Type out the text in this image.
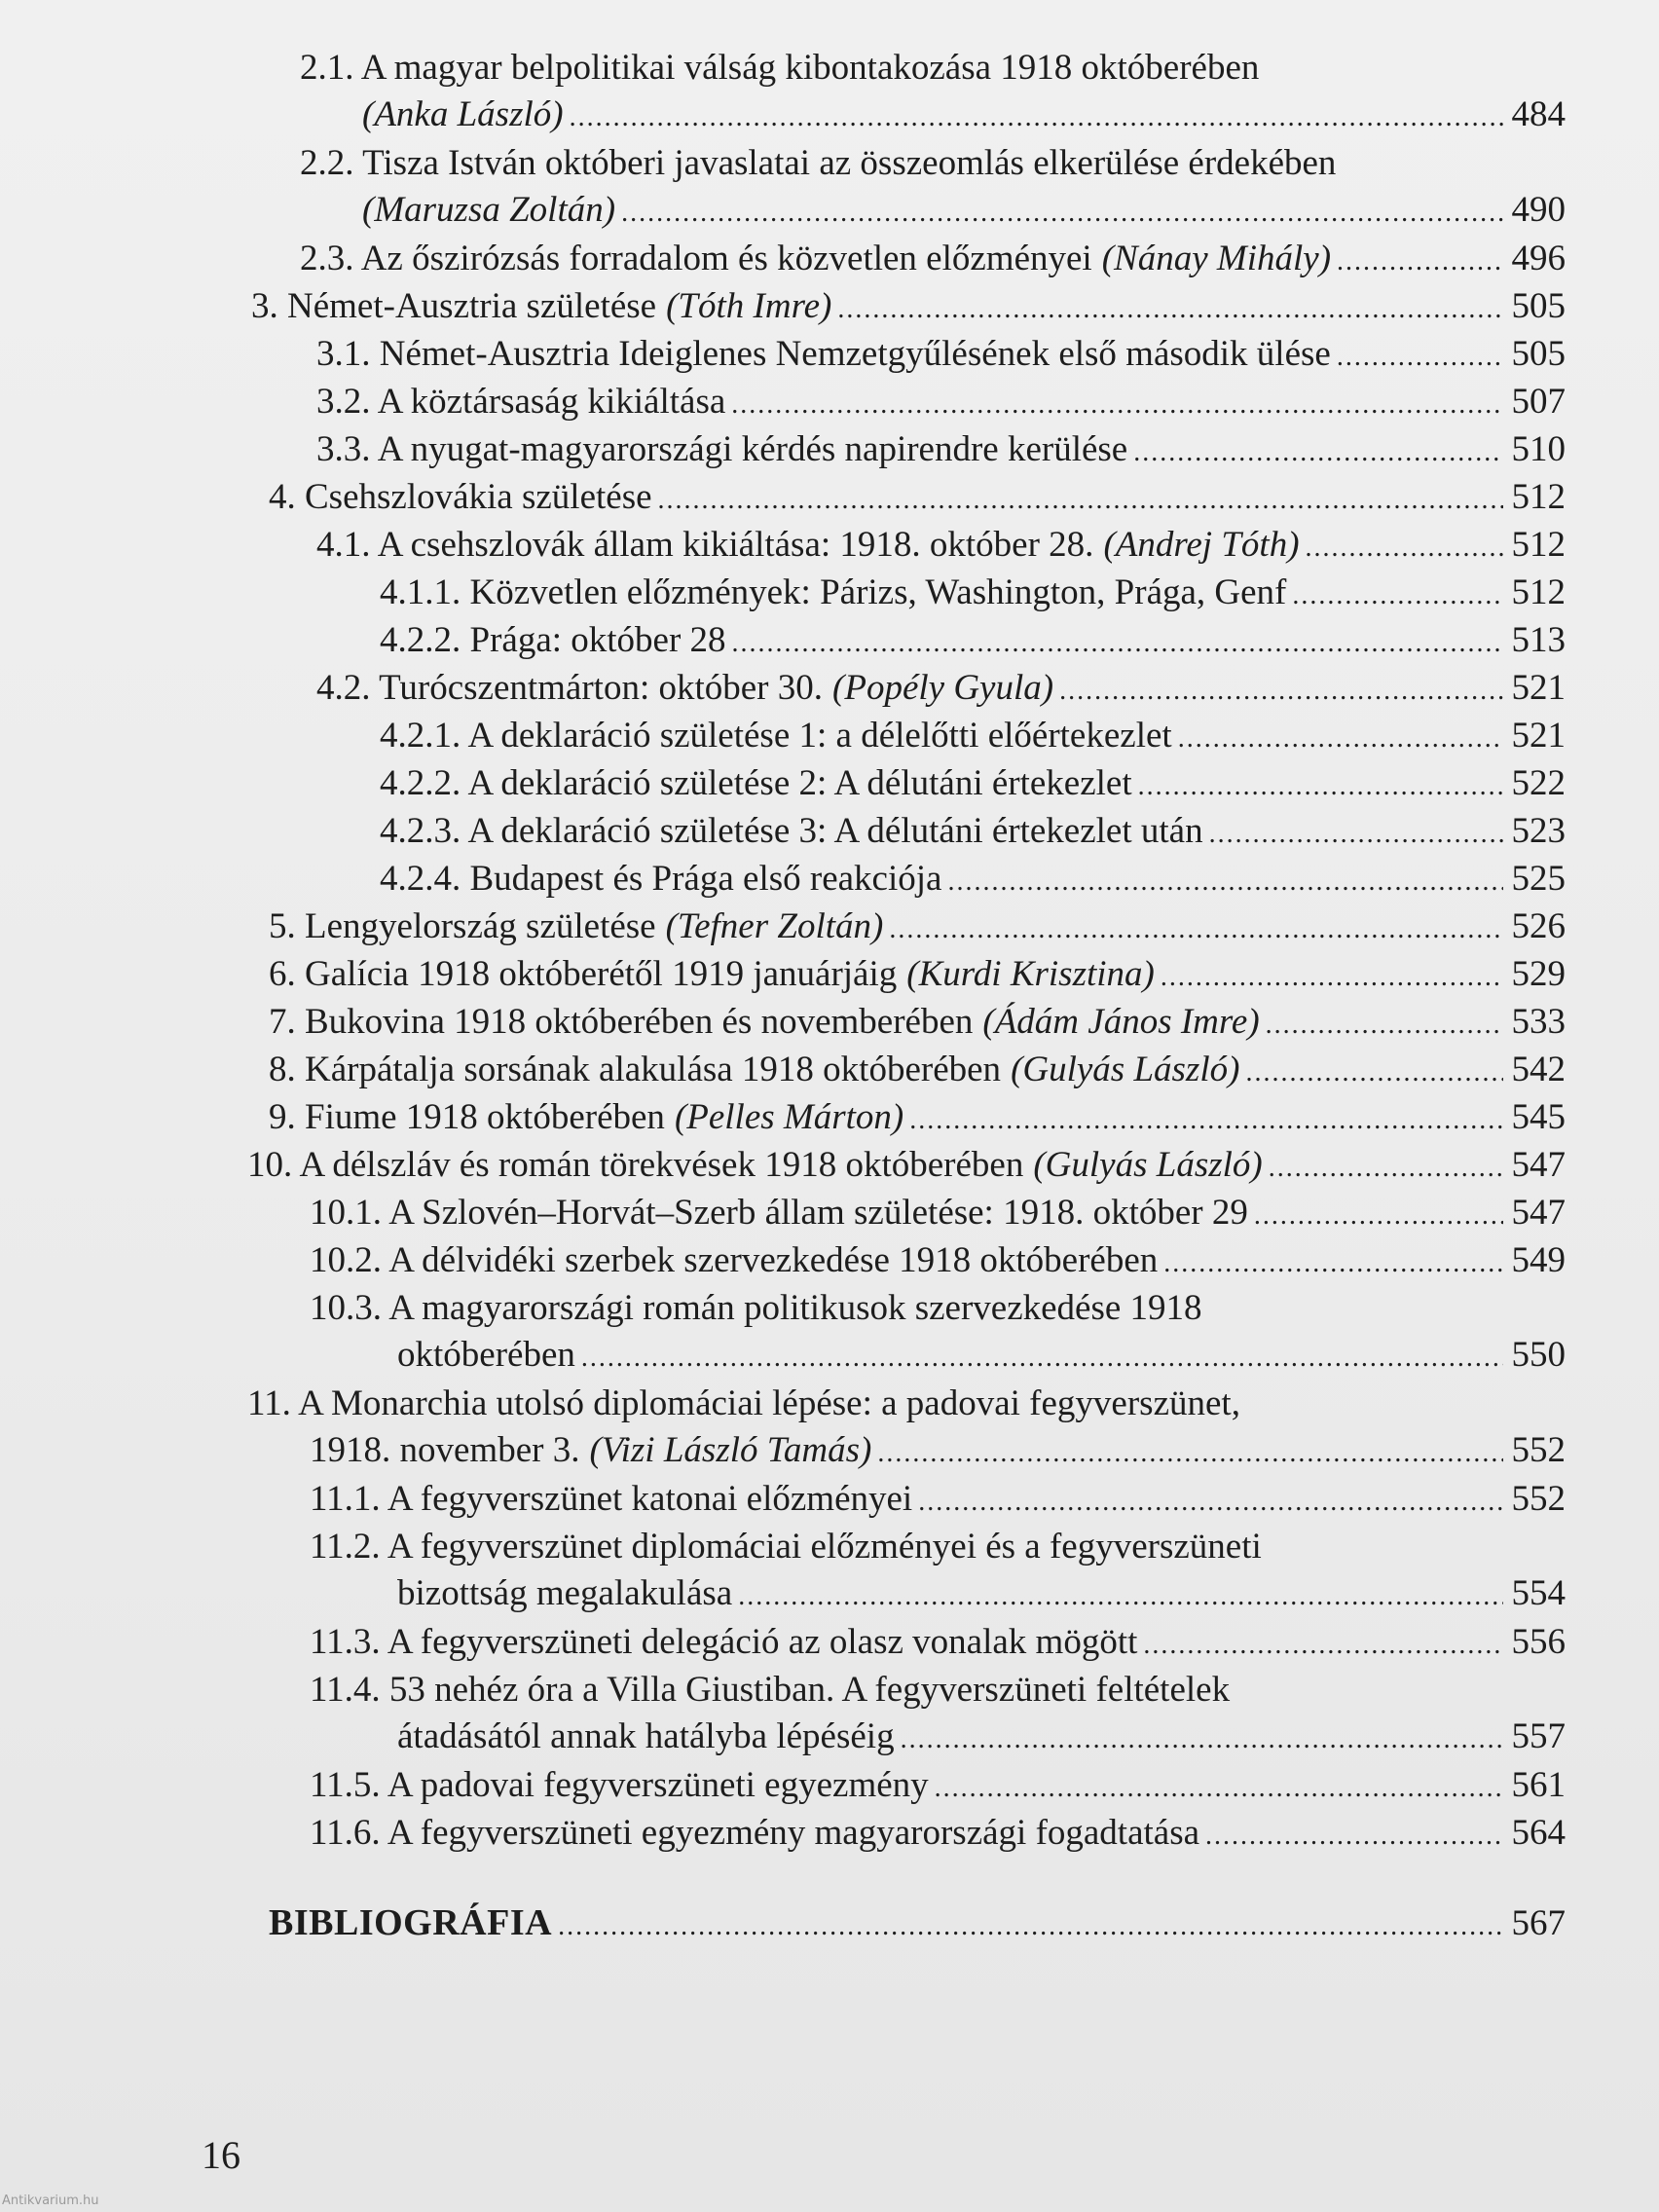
2.1. A magyar belpolitikai válság kibontakozása 1918 októberében
(Anka László) .....	484
2.2. Tisza István októberi javaslatai az összeomlás elkerülése érdekében
(Maruzsa Zoltán) .....	490
2.3. Az őszirózsás forradalom és közvetlen előzményei (Nánay Mihály) .....	496
3. Német-Ausztria születése (Tóth Imre) .....	505
3.1. Német-Ausztria Ideiglenes Nemzetgyűlésének első második ülése .....	505
3.2. A köztársaság kikiáltása .....	507
3.3. A nyugat-magyarországi kérdés napirendre kerülése .....	510
4. Csehszlovákia születése .....	512
4.1. A csehszlovák állam kikiáltása: 1918. október 28. (Andrej Tóth) .....	512
4.1.1. Közvetlen előzmények: Párizs, Washington, Prága, Genf .....	512
4.2.2. Prága: október 28 .....	513
4.2. Turócszentmárton: október 30. (Popély Gyula) .....	521
4.2.1. A deklaráció születése 1: a délelőtti előértekezlet .....	521
4.2.2. A deklaráció születése 2: A délutáni értekezlet .....	522
4.2.3. A deklaráció születése 3: A délutáni értekezlet után .....	523
4.2.4. Budapest és Prága első reakciója .....	525
5. Lengyelország születése (Tefner Zoltán) .....	526
6. Galícia 1918 októberétől 1919 januárjáig (Kurdi Krisztina) .....	529
7. Bukovina 1918 októberében és novemberében (Ádám János Imre) .....	533
8. Kárpátalja sorsának alakulása 1918 októberében (Gulyás László) .....	542
9. Fiume 1918 októberében (Pelles Márton) .....	545
10. A délszláv és román törekvések 1918 októberében (Gulyás László) .....	547
10.1. A Szlovén–Horvát–Szerb állam születése: 1918. október 29 .....	547
10.2. A délvidéki szerbek szervezkedése 1918 októberében .....	549
10.3. A magyarországi román politikusok szervezkedése 1918
októberében .....	550
11. A Monarchia utolsó diplomáciai lépése: a padovai fegyverszünet,
1918. november 3. (Vizi László Tamás) .....	552
11.1. A fegyverszünet katonai előzményei .....	552
11.2. A fegyverszünet diplomáciai előzményei és a fegyverszüneti
bizottság megalakulása .....	554
11.3. A fegyverszüneti delegáció az olasz vonalak mögött .....	556
11.4. 53 nehéz óra a Villa Giustiban. A fegyverszüneti feltételek
átadásától annak hatályba lépéséig .....	557
11.5. A padovai fegyverszüneti egyezmény .....	561
11.6. A fegyverszüneti egyezmény magyarországi fogadtatása .....	564
BIBLIOGRÁFIA .....	567
16
Antikvarium.hu
